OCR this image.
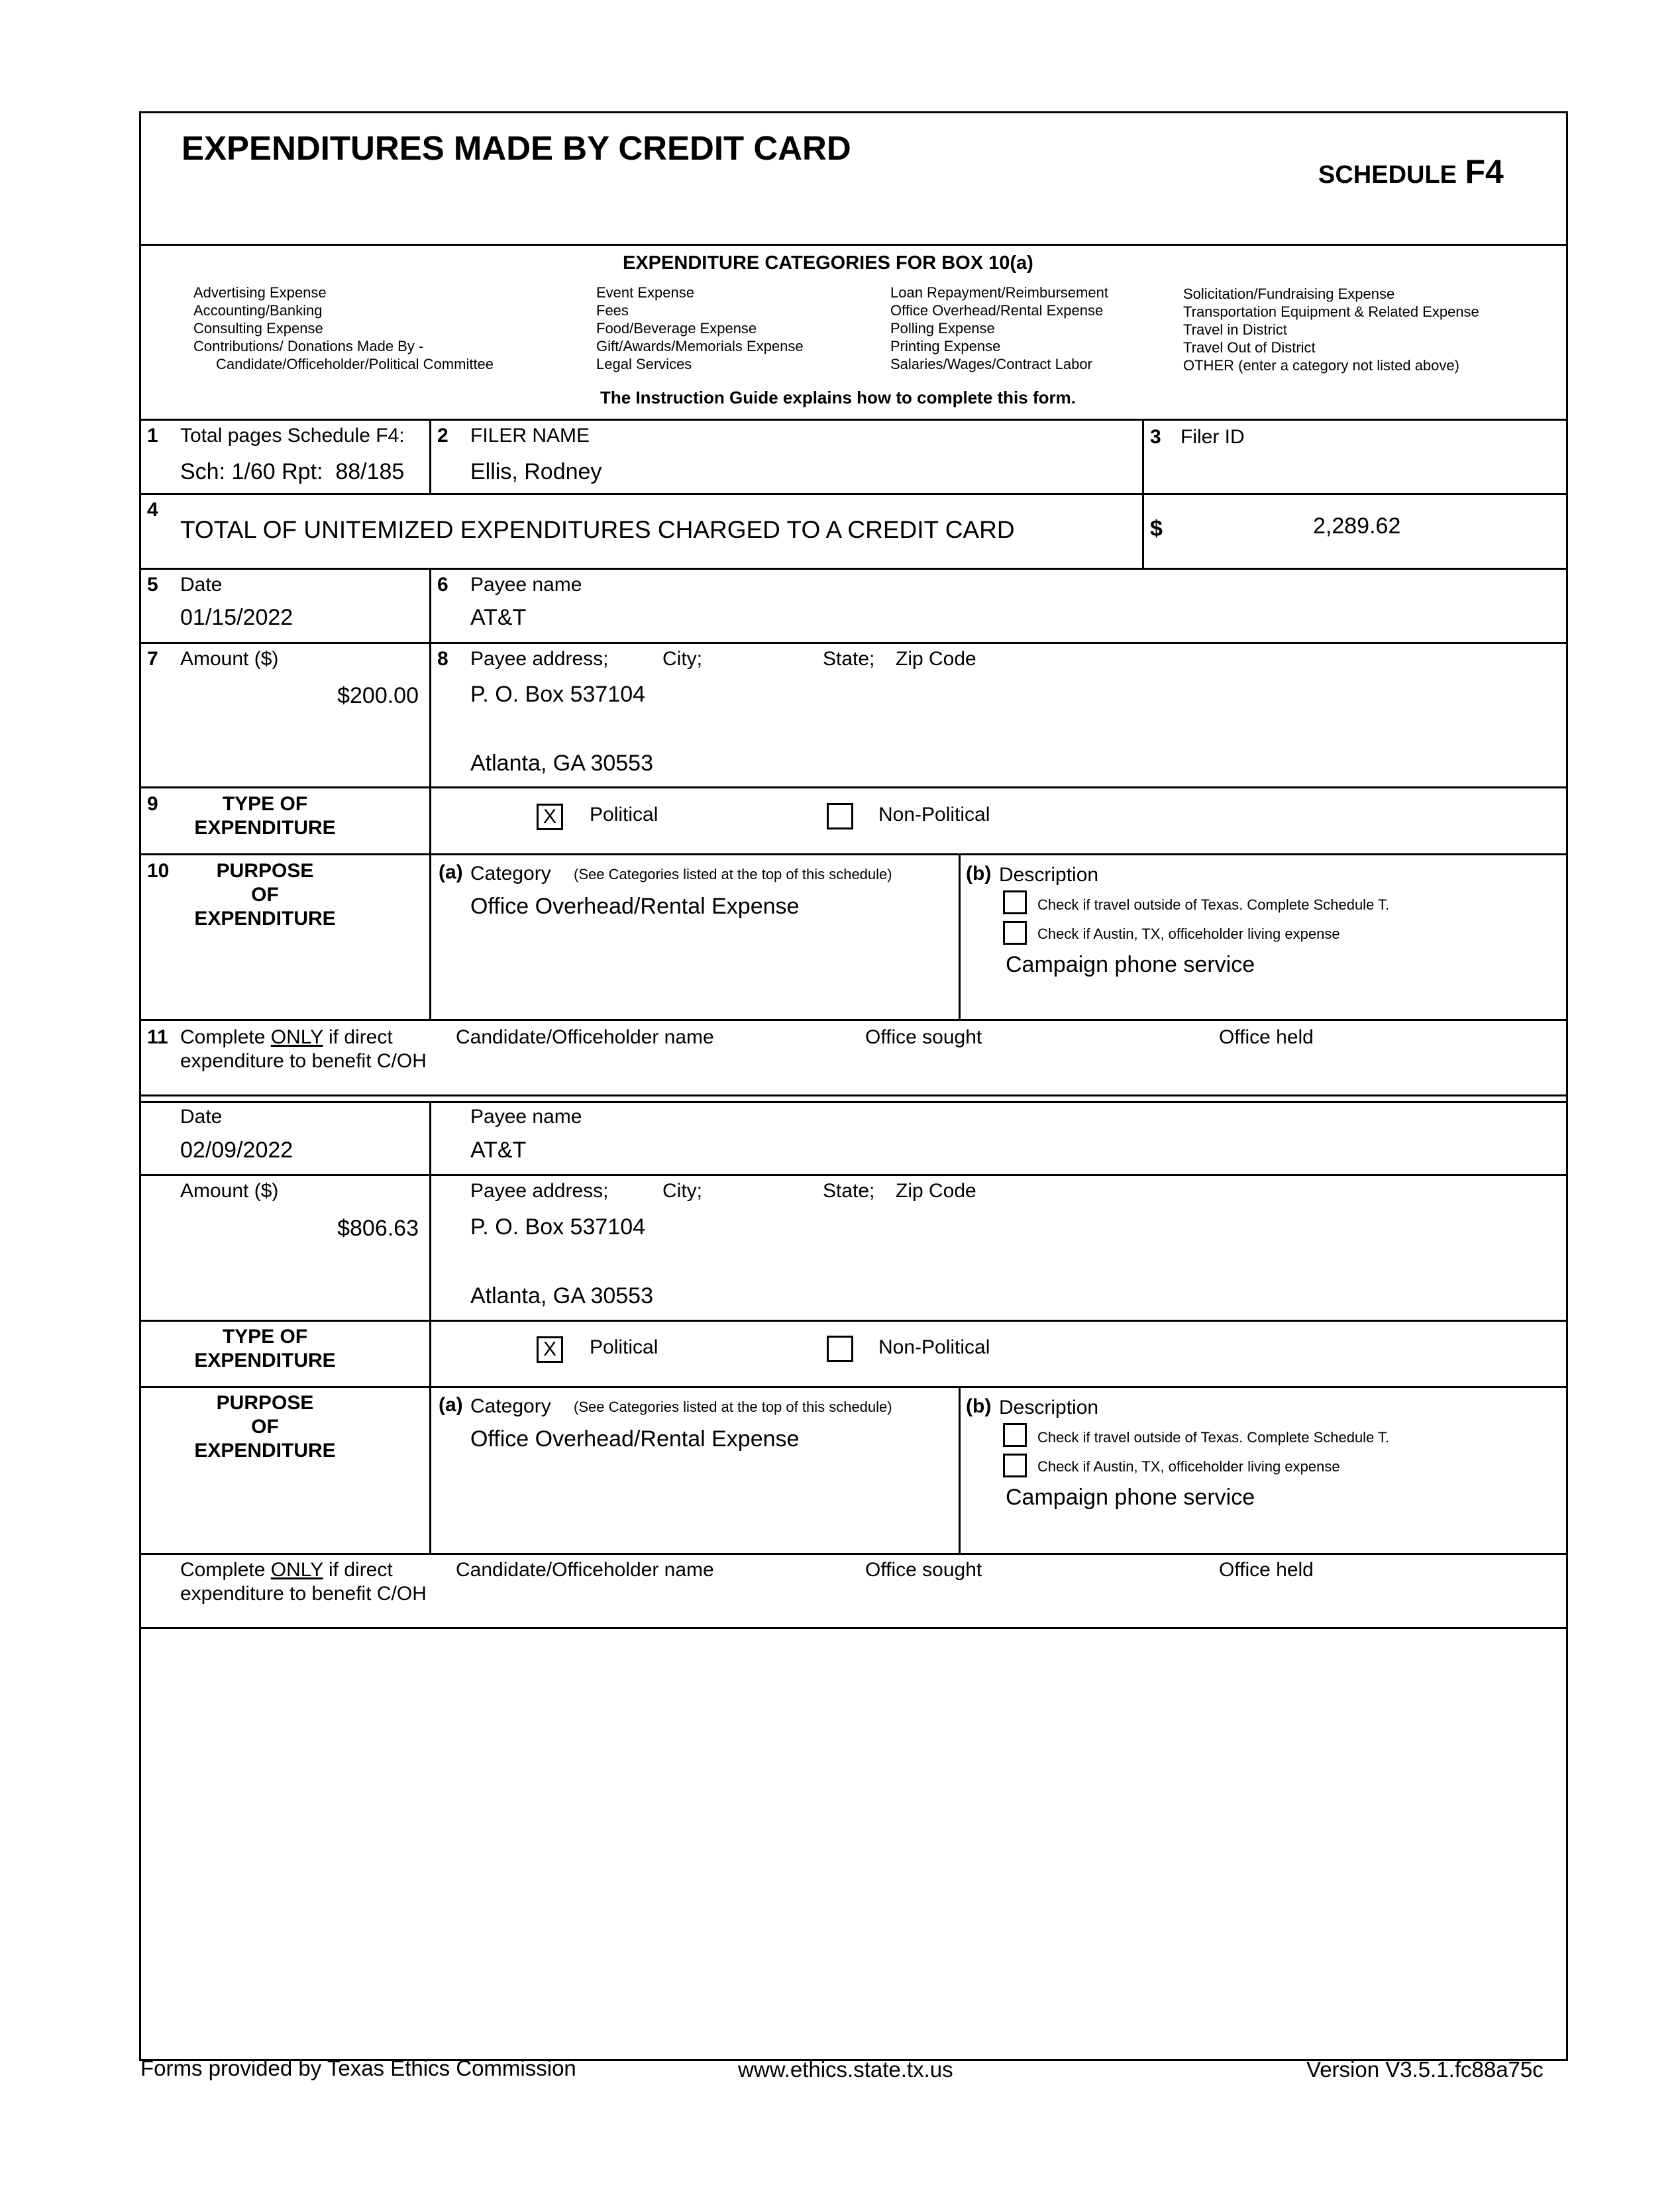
EXPENDITURES MADE BY CREDIT CARD
SCHEDULE F4
EXPENDITURE CATEGORIES FOR BOX 10(a)
Advertising Expense
Accounting/Banking
Consulting Expense
Contributions/ Donations Made By -
Candidate/Officeholder/Political Committee
Event Expense
Fees
Food/Beverage Expense
Gift/Awards/Memorials Expense
Legal Services
Loan Repayment/Reimbursement
Office Overhead/Rental Expense
Polling Expense
Printing Expense
Salaries/Wages/Contract Labor
Solicitation/Fundraising Expense
Transportation Equipment & Related Expense
Travel in District
Travel Out of District
OTHER (enter a category not listed above)
The Instruction Guide explains how to complete this form.
1 Total pages Schedule F4:
Sch: 1/60 Rpt:  88/185
2 FILER NAME
Ellis, Rodney
3 Filer ID
4
TOTAL OF UNITEMIZED EXPENDITURES CHARGED TO A CREDIT CARD	$	2,289.62
5 Date
01/15/2022
6 Payee name
AT&T
7 Amount ($)
$200.00
8 Payee address;	City;	State; Zip Code
P. O. Box 537104
Atlanta, GA 30553
9	TYPE OF
EXPENDITURE
X	Political	Non-Political
10	PURPOSE
OF
EXPENDITURE
(a) Category (See Categories listed at the top of this schedule)
Office Overhead/Rental Expense
(b) Description
Check if travel outside of Texas. Complete Schedule T.
Check if Austin, TX, officeholder living expense
Campaign phone service
11 Complete ONLY if direct
expenditure to benefit C/OH
Candidate/Officeholder name	Office sought	Office held
Date
02/09/2022
Payee name
AT&T
Amount ($)
$806.63
Payee address;	City;	State; Zip Code
P. O. Box 537104
Atlanta, GA 30553
TYPE OF
EXPENDITURE
X	Political	Non-Political
PURPOSE
OF
EXPENDITURE
(a) Category (See Categories listed at the top of this schedule)
Office Overhead/Rental Expense
(b) Description
Check if travel outside of Texas. Complete Schedule T.
Check if Austin, TX, officeholder living expense
Campaign phone service
Complete ONLY if direct
expenditure to benefit C/OH
Candidate/Officeholder name	Office sought	Office held
Forms provided by Texas Ethics Commission	www.ethics.state.tx.us	Version V3.5.1.fc88a75c
